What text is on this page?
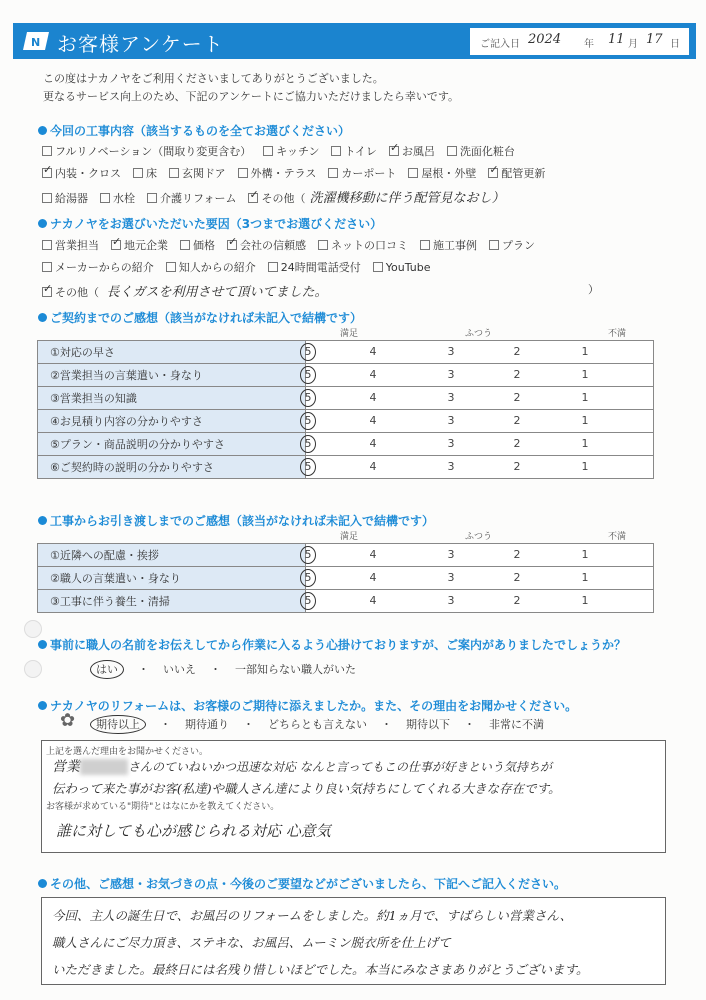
N お客様アンケート	ご記入日 2024 年 11 月 17 日
この度はナカノヤをご利用くださいましてありがとうございました。
更なるサービス向上のため、下記のアンケートにご協力いただけましたら幸いです。
今回の工事内容（該当するものを全てお選びください）
フルリノベーション（間取り変更含む） キッチン トイレ ✓ お風呂 洗面化粧台
✓内装・クロス 床 玄関ドア 外構・テラス カーポート 屋根・外壁 ✓ 配管更新
給湯器 水栓 介護リフォーム ✓ その他（ 洗濯機移動に伴う配管見なおし）
ナカノヤをお選びいただいた要因（3つまでお選びください）
営業担当 ✓ 地元企業 価格 ✓ 会社の信頼感 ネットの口コミ 施工事例 プラン
メーカーからの紹介 知人からの紹介 24時間電話受付 YouTube
✓その他（ 長くガスを利用させて頂いてました。	）
ご契約までのご感想（該当がなければ未記入で結構です）
満足	ふつう	不満
①対応の早さ	5 4 3 2 1

②営業担当の言葉遣い・身なり	5 4 3 2 1

③営業担当の知識	5 4 3 2 1

④お見積り内容の分かりやすさ	5 4 3 2 1

⑤プラン・商品説明の分かりやすさ	5 4 3 2 1

⑥ご契約時の説明の分かりやすさ	5 4 3 2 1
工事からお引き渡しまでのご感想（該当がなければ未記入で結構です）
満足	ふつう	不満
①近隣への配慮・挨拶	5 4 3 2 1

②職人の言葉遣い・身なり	5 4 3 2 1

③工事に伴う養生・清掃	5 4 3 2 1
事前に職人の名前をお伝えしてから作業に入るよう心掛けておりますが、ご案内がありましたでしょうか？
はい ・ いいえ ・ 一部知らない職人がいた
ナカノヤのリフォームは、お客様のご期待に添えましたか。また、その理由をお聞かせください。
✿	期待以上 ・ 期待通り ・ どちらとも言えない ・ 期待以下 ・ 非常に不満
上記を選んだ理由をお聞かせください。
営業	さんのていねいかつ迅速な対応 なんと言ってもこの仕事が好きという気持ちが
伝わって来た事がお客(私達)や職人さん達により良い気持ちにしてくれる大きな存在です。
お客様が求めている"期待"とはなにかを教えてください。
誰に対しても心が感じられる対応 心意気
その他、ご感想・お気づきの点・今後のご要望などがございましたら、下記へご記入ください。
今回、主人の誕生日で、お風呂のリフォームをしました。約1ヵ月で、すばらしい営業さん、
職人さんにご尽力頂き、ステキな、お風呂、ムーミン脱衣所を仕上げて
いただきました。最終日には名残り惜しいほどでした。本当にみなさまありがとうございます。
